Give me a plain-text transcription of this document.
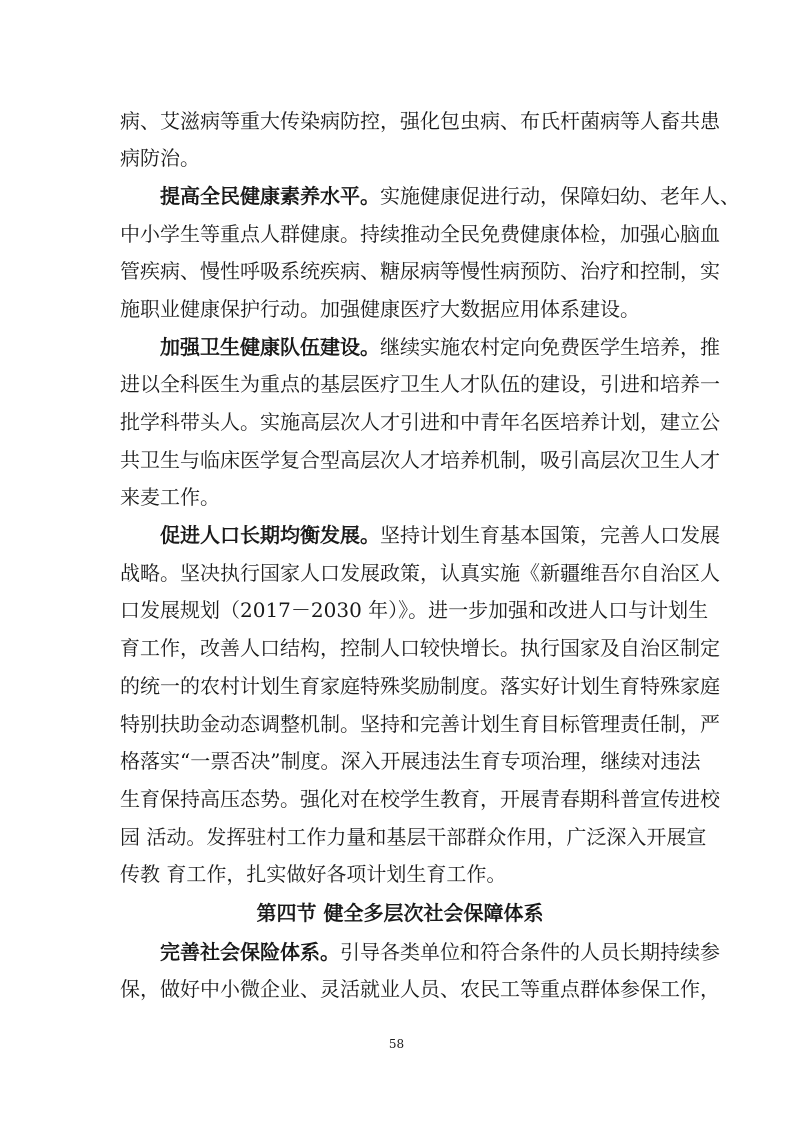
病、艾滋病等重大传染病防控，强化包虫病、布氏杆菌病等人畜共患
病防治。
提高全民健康素养水平。实施健康促进行动，保障妇幼、老年人、
中小学生等重点人群健康。持续推动全民免费健康体检，加强心脑血
管疾病、慢性呼吸系统疾病、糖尿病等慢性病预防、治疗和控制，实
施职业健康保护行动。加强健康医疗大数据应用体系建设。
加强卫生健康队伍建设。继续实施农村定向免费医学生培养，推
进以全科医生为重点的基层医疗卫生人才队伍的建设，引进和培养一
批学科带头人。实施高层次人才引进和中青年名医培养计划，建立公
共卫生与临床医学复合型高层次人才培养机制，吸引高层次卫生人才
来麦工作。
促进人口长期均衡发展。坚持计划生育基本国策，完善人口发展
战略。坚决执行国家人口发展政策，认真实施《新疆维吾尔自治区人
口发展规划（2017－2030 年）》。进一步加强和改进人口与计划生
育工作，改善人口结构，控制人口较快增长。执行国家及自治区制定
的统一的农村计划生育家庭特殊奖励制度。落实好计划生育特殊家庭
特别扶助金动态调整机制。坚持和完善计划生育目标管理责任制，严
格落实“一票否决”制度。深入开展违法生育专项治理，继续对违法
生育保持高压态势。强化对在校学生教育，开展青春期科普宣传进校
园 活动。发挥驻村工作力量和基层干部群众作用，广泛深入开展宣
传教 育工作，扎实做好各项计划生育工作。
第四节 健全多层次社会保障体系
完善社会保险体系。引导各类单位和符合条件的人员长期持续参
保，做好中小微企业、灵活就业人员、农民工等重点群体参保工作，
58
